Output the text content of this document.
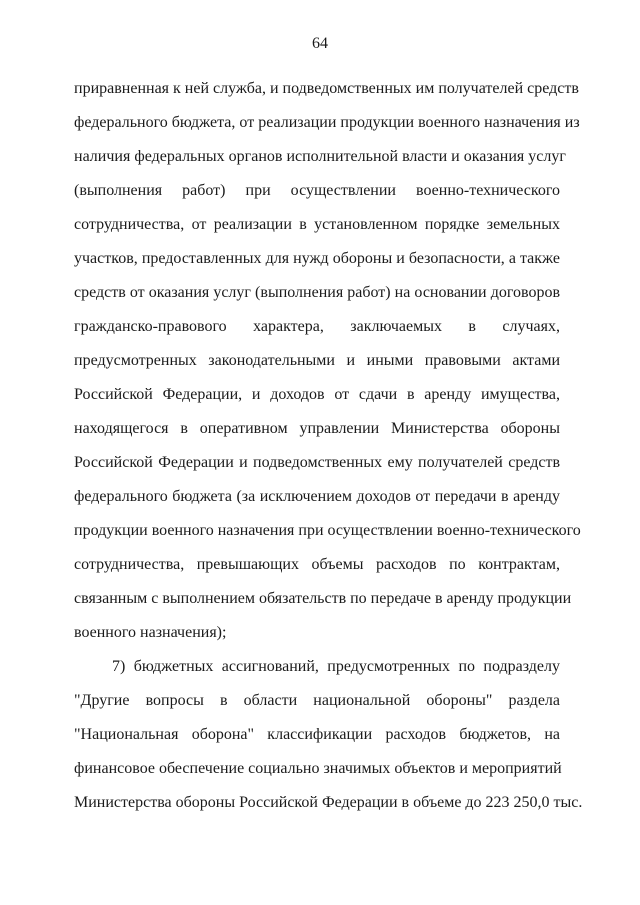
64
приравненная к ней служба, и подведомственных им получателей средств
федерального бюджета, от реализации продукции военного назначения из
наличия федеральных органов исполнительной власти и оказания услуг
(выполнения работ) при осуществлении военно-технического
сотрудничества, от реализации в установленном порядке земельных
участков, предоставленных для нужд обороны и безопасности, а также
средств от оказания услуг (выполнения работ) на основании договоров
гражданско-правового характера, заключаемых в случаях,
предусмотренных законодательными и иными правовыми актами
Российской Федерации, и доходов от сдачи в аренду имущества,
находящегося в оперативном управлении Министерства обороны
Российской Федерации и подведомственных ему получателей средств
федерального бюджета (за исключением доходов от передачи в аренду
продукции военного назначения при осуществлении военно-технического
сотрудничества, превышающих объемы расходов по контрактам,
связанным с выполнением обязательств по передаче в аренду продукции
военного назначения);
7) бюджетных ассигнований, предусмотренных по подразделу
"Другие вопросы в области национальной обороны" раздела
"Национальная оборона" классификации расходов бюджетов, на
финансовое обеспечение социально значимых объектов и мероприятий
Министерства обороны Российской Федерации в объеме до 223 250,0 тыс.
